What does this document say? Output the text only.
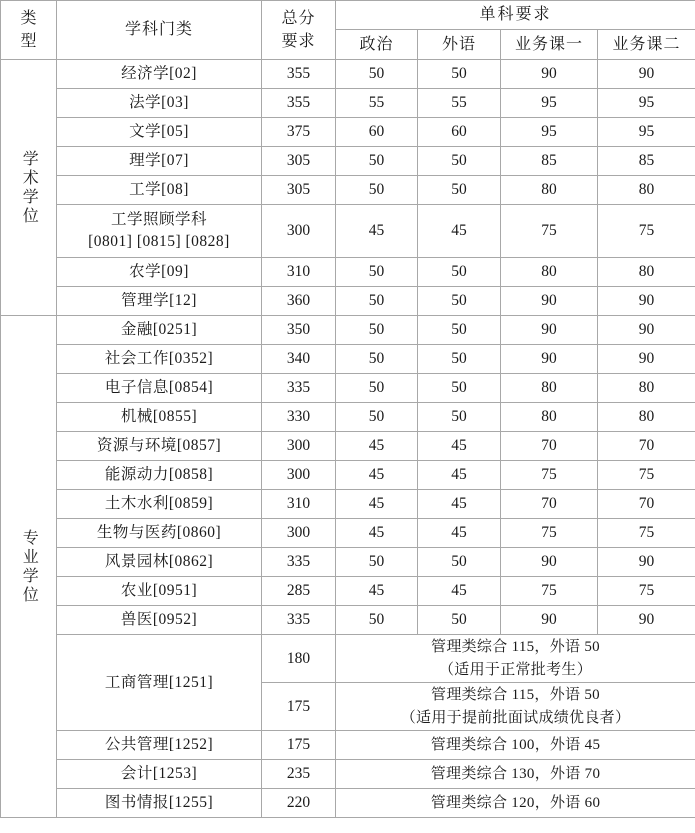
类
型	学科门类	总分
要求	单科要求			
			政治	外语	业务课一	业务课二

学术学位	经济学[02]	355	50	50	90	90
	法学[03]	355	55	55	95	95
	文学[05]	375	60	60	95	95
	理学[07]	305	50	50	85	85
	工学[08]	305	50	50	80	80

	工学照顾学科
[0801] [0815] [0828]	300	45	45	75	75
	农学[09]	310	50	50	80	80
	管理学[12]	360	50	50	90	90

专业学位	金融[0251]	350	50	50	90	90
	社会工作[0352]	340	50	50	90	90
	电子信息[0854]	335	50	50	80	80
	机械[0855]	330	50	50	80	80
	资源与环境[0857]	300	45	45	70	70
	能源动力[0858]	300	45	45	75	75
	土木水利[0859]	310	45	45	70	70
	生物与医药[0860]	300	45	45	75	75
	风景园林[0862]	335	50	50	90	90
	农业[0951]	285	45	45	75	75
	兽医[0952]	335	50	50	90	90
	工商管理[1251]	180	管理类综合 115，外语 50
（适用于正常批考生）			

		175	管理类综合 115，外语 50
（适用于提前批面试成绩优良者）			

	公共管理[1252]	175	管理类综合 100，外语 45			
	会计[1253]	235	管理类综合 130，外语 70			
	图书情报[1255]	220	管理类综合 120，外语 60			
